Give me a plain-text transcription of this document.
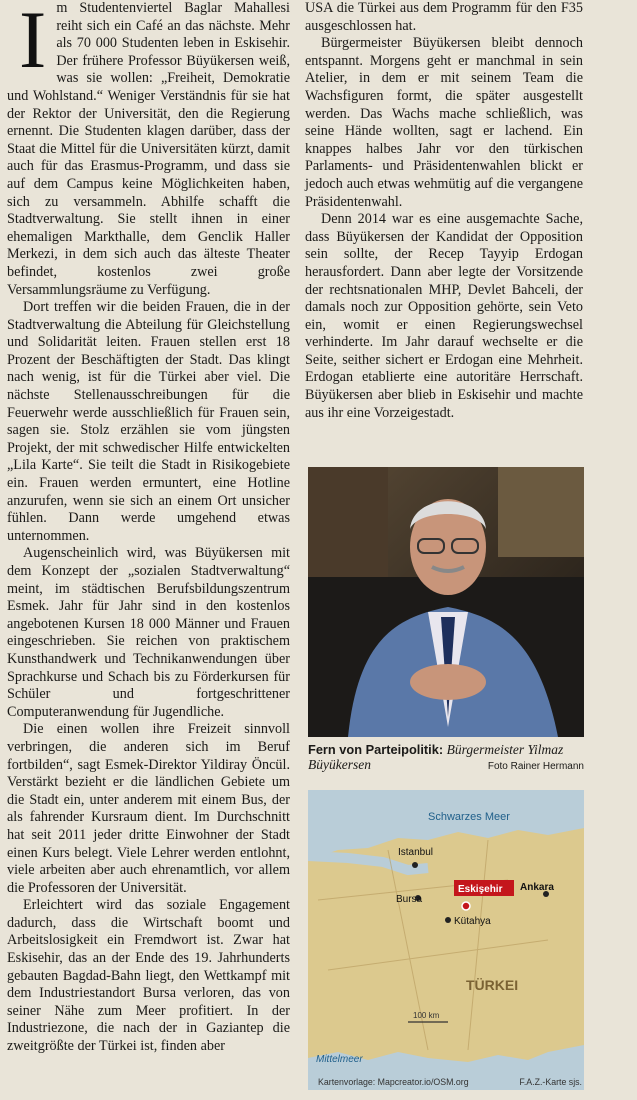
Im Studentenviertel Baglar Mahallesi reiht sich ein Café an das nächste. Mehr als 70 000 Studenten leben in Eskisehir. Der frühere Professor Büyükersen weiß, was sie wollen: „Freiheit, Demokratie und Wohlstand.“ Weniger Verständnis für sie hat der Rektor der Universität, den die Regierung ernennt. Die Studenten klagen darüber, dass der Staat die Mittel für die Universitäten kürzt, damit auch für das Erasmus-Programm, und dass sie auf dem Campus keine Möglichkeiten haben, sich zu versammeln. Abhilfe schafft die Stadtverwaltung. Sie stellt ihnen in einer ehemaligen Markthalle, dem Genclik Haller Merkezi, in dem sich auch das älteste Theater befindet, kostenlos zwei große Versammlungsräume zu Verfügung.

Dort treffen wir die beiden Frauen, die in der Stadtverwaltung die Abteilung für Gleichstellung und Solidarität leiten. Frauen stellen erst 18 Prozent der Beschäftigten der Stadt. Das klingt nach wenig, ist für die Türkei aber viel. Die nächste Stellenausschreibungen für die Feuerwehr werde ausschließlich für Frauen sein, sagen sie. Stolz erzählen sie vom jüngsten Projekt, der mit schwedischer Hilfe entwickelten „Lila Karte“. Sie teilt die Stadt in Risikogebiete ein. Frauen werden ermuntert, eine Hotline anzurufen, wenn sie sich an einem Ort unsicher fühlen. Dann werde umgehend etwas unternommen.

Augenscheinlich wird, was Büyükersen mit dem Konzept der „sozialen Stadtverwaltung“ meint, im städtischen Berufsbildungszentrum Esmek. Jahr für Jahr sind in den kostenlos angebotenen Kursen 18 000 Männer und Frauen eingeschrieben. Sie reichen von praktischem Kunsthandwerk und Technikanwendungen über Sprachkurse und Schach bis zu Förderkursen für Schüler und fortgeschrittener Computeranwendung für Jugendliche.

Die einen wollen ihre Freizeit sinnvoll verbringen, die anderen sich im Beruf fortbilden“, sagt Esmek-Direktor Yildiray Öncül. Verstärkt bezieht er die ländlichen Gebiete um die Stadt ein, unter anderem mit einem Bus, der als fahrender Kursraum dient. Im Durchschnitt hat seit 2011 jeder dritte Einwohner der Stadt einen Kurs belegt. Viele Lehrer werden entlohnt, viele arbeiten aber auch ehrenamtlich, vor allem die Professoren der Universität.

Erleichtert wird das soziale Engagement dadurch, dass die Wirtschaft boomt und Arbeitslosigkeit ein Fremdwort ist. Zwar hat Eskisehir, das an der Ende des 19. Jahrhunderts gebauten Bagdad-Bahn liegt, den Wettkampf mit dem Industriestandort Bursa verloren, das von seiner Nähe zum Meer profitiert. In der Industriezone, die nach der in Gaziantep die zweitgrößte der Türkei ist, finden aber

USA die Türkei aus dem Programm für den F35 ausgeschlossen hat.

Bürgermeister Büyükersen bleibt dennoch entspannt. Morgens geht er manchmal in sein Atelier, in dem er mit seinem Team die Wachsfiguren formt, die später ausgestellt werden. Das Wachs mache schließlich, was seine Hände wollten, sagt er lachend. Ein knappes halbes Jahr vor den türkischen Parlaments- und Präsidentenwahlen blickt er jedoch auch etwas wehmütig auf die vergangene Präsidentenwahl.

Denn 2014 war es eine ausgemachte Sache, dass Büyükersen der Kandidat der Opposition sein sollte, der Recep Tayyip Erdogan herausfordert. Dann aber legte der Vorsitzende der rechtsnationalen MHP, Devlet Bahceli, der damals noch zur Opposition gehörte, sein Veto ein, womit er einen Regierungswechsel verhinderte. Im Jahr darauf wechselte er die Seite, seither sichert er Erdogan eine Mehrheit. Erdogan etablierte eine autoritäre Herrschaft. Büyükersen aber blieb in Eskisehir und machte aus ihr eine Vorzeigestadt.

Fern von Parteipolitik: Bürgermeister Yilmaz Büyükersen	Foto Rainer Hermann
Schwarzes Meer
Istanbul
Bursa
Eskişehir Ankara
Kütahya
TÜRKEI
100 km
Mittelmeer
Kartenvorlage: Mapcreator.io/OSM.org	F.A.Z.-Karte sjs.
